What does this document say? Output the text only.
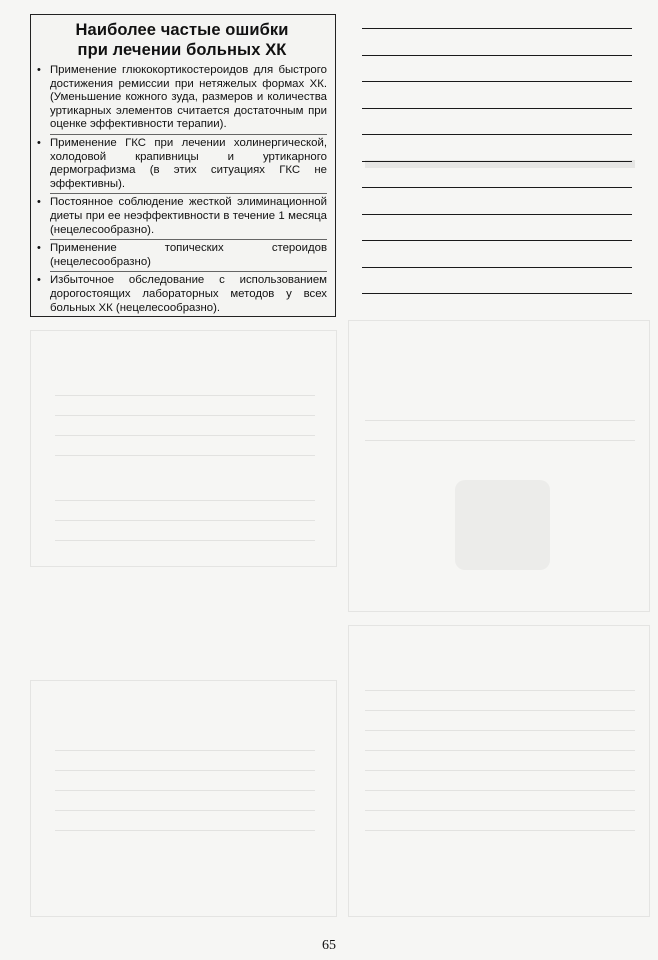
Наиболее частые ошибки
при лечении больных ХК
• Применение глюкокортикостероидов для быстрого достижения ремиссии при нетяжелых формах ХК. (Уменьшение кожного зуда, размеров и количества уртикарных элементов считается достаточным при оценке эффективности терапии).
• Применение ГКС при лечении холинергической, холодовой крапивницы и уртикарного дермографизма (в этих ситуациях ГКС не эффективны).
• Постоянное соблюдение жесткой элиминационной диеты при ее неэффективности в течение 1 месяца (нецелесообразно).
• Применение топических стероидов (нецелесообразно)
• Избыточное обследование с использованием дорогостоящих лабораторных методов у всех больных ХК (нецелесообразно).
65
